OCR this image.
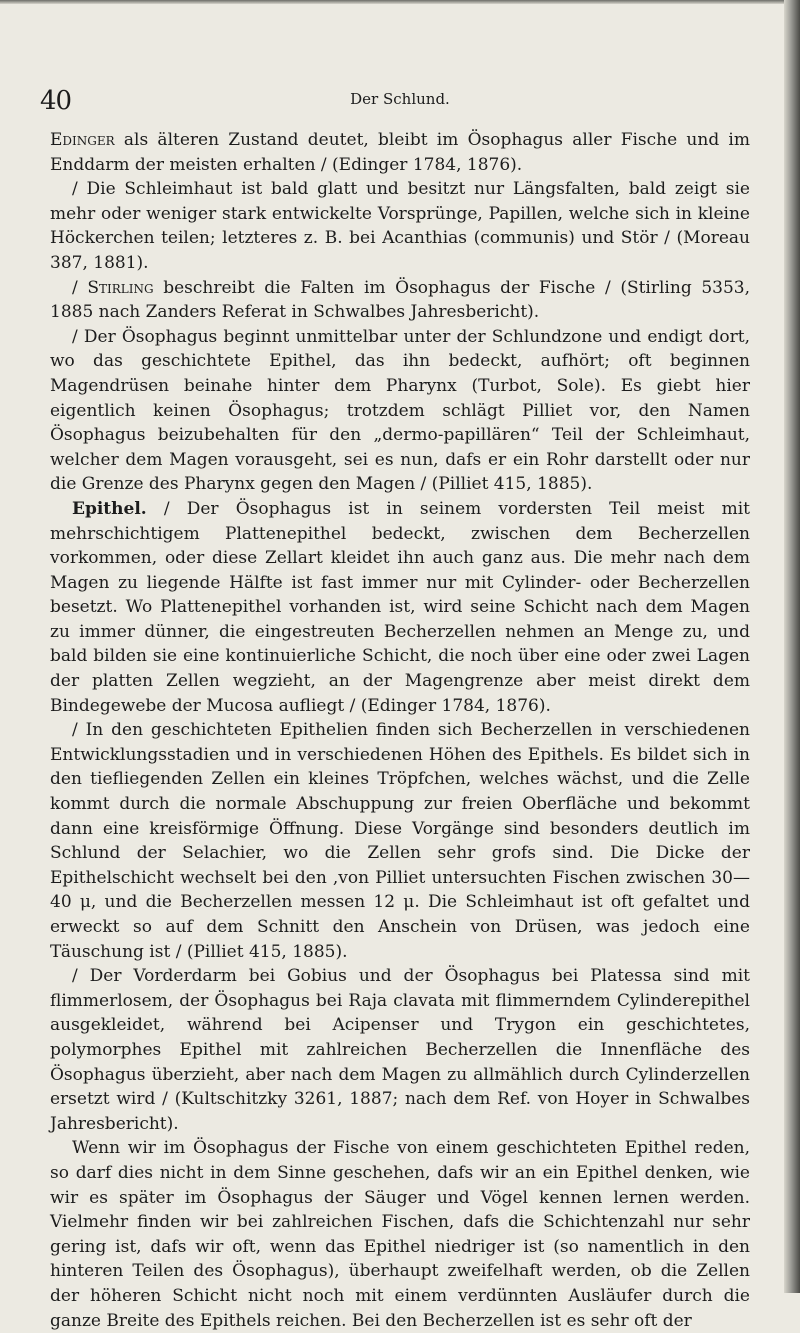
40	Der Schlund.

Edinger als älteren Zustand deutet, bleibt im Ösophagus aller Fische und im Enddarm der meisten erhalten / (Edinger 1784, 1876).

/ Die Schleimhaut ist bald glatt und besitzt nur Längsfalten, bald zeigt sie mehr oder weniger stark entwickelte Vorsprünge, Papillen, welche sich in kleine Höckerchen teilen; letzteres z. B. bei Acanthias (communis) und Stör / (Moreau 387, 1881).

/ Stirling beschreibt die Falten im Ösophagus der Fische / (Stirling 5353, 1885 nach Zanders Referat in Schwalbes Jahresbericht).

/ Der Ösophagus beginnt unmittelbar unter der Schlundzone und endigt dort, wo das geschichtete Epithel, das ihn bedeckt, aufhört; oft beginnen Magendrüsen beinahe hinter dem Pharynx (Turbot, Sole). Es giebt hier eigentlich keinen Ösophagus; trotzdem schlägt Pilliet vor, den Namen Ösophagus beizubehalten für den „dermo-papillären“ Teil der Schleimhaut, welcher dem Magen vorausgeht, sei es nun, dafs er ein Rohr darstellt oder nur die Grenze des Pharynx gegen den Magen / (Pilliet 415, 1885).

Epithel. / Der Ösophagus ist in seinem vordersten Teil meist mit mehrschichtigem Plattenepithel bedeckt, zwischen dem Becherzellen vorkommen, oder diese Zellart kleidet ihn auch ganz aus. Die mehr nach dem Magen zu liegende Hälfte ist fast immer nur mit Cylinder- oder Becherzellen besetzt. Wo Plattenepithel vorhanden ist, wird seine Schicht nach dem Magen zu immer dünner, die eingestreuten Becherzellen nehmen an Menge zu, und bald bilden sie eine kontinuierliche Schicht, die noch über eine oder zwei Lagen der platten Zellen wegzieht, an der Magengrenze aber meist direkt dem Bindegewebe der Mucosa aufliegt / (Edinger 1784, 1876).

/ In den geschichteten Epithelien finden sich Becherzellen in verschiedenen Entwicklungsstadien und in verschiedenen Höhen des Epithels. Es bildet sich in den tiefliegenden Zellen ein kleines Tröpfchen, welches wächst, und die Zelle kommt durch die normale Abschuppung zur freien Oberfläche und bekommt dann eine kreisförmige Öffnung. Diese Vorgänge sind besonders deutlich im Schlund der Selachier, wo die Zellen sehr grofs sind. Die Dicke der Epithelschicht wechselt bei den ,von Pilliet untersuchten Fischen zwischen 30—40 μ, und die Becherzellen messen 12 μ. Die Schleimhaut ist oft gefaltet und erweckt so auf dem Schnitt den Anschein von Drüsen, was jedoch eine Täuschung ist / (Pilliet 415, 1885).

/ Der Vorderdarm bei Gobius und der Ösophagus bei Platessa sind mit flimmerlosem, der Ösophagus bei Raja clavata mit flimmerndem Cylinderepithel ausgekleidet, während bei Acipenser und Trygon ein geschichtetes, polymorphes Epithel mit zahlreichen Becherzellen die Innenfläche des Ösophagus überzieht, aber nach dem Magen zu allmählich durch Cylinderzellen ersetzt wird / (Kultschitzky 3261, 1887; nach dem Ref. von Hoyer in Schwalbes Jahresbericht).

Wenn wir im Ösophagus der Fische von einem geschichteten Epithel reden, so darf dies nicht in dem Sinne geschehen, dafs wir an ein Epithel denken, wie wir es später im Ösophagus der Säuger und Vögel kennen lernen werden. Vielmehr finden wir bei zahlreichen Fischen, dafs die Schichtenzahl nur sehr gering ist, dafs wir oft, wenn das Epithel niedriger ist (so namentlich in den hinteren Teilen des Ösophagus), überhaupt zweifelhaft werden, ob die Zellen der höheren Schicht nicht noch mit einem verdünnten Ausläufer durch die ganze Breite des Epithels reichen. Bei den Becherzellen ist es sehr oft der
